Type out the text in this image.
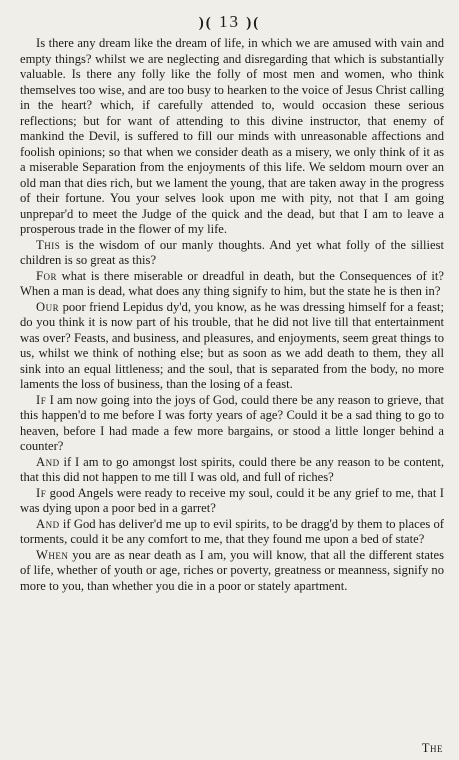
)( 13 )(

Is there any dream like the dream of life, in which we are amused with vain and empty things? whilst we are neglecting and disregarding that which is substantially valuable. Is there any folly like the folly of most men and women, who think themselves too wise, and are too busy to hearken to the voice of Jesus Christ calling in the heart? which, if carefully attended to, would occasion these serious reflections; but for want of attending to this divine instructor, that enemy of mankind the Devil, is suffered to fill our minds with unreasonable affections and foolish opinions; so that when we consider death as a misery, we only think of it as a miserable Separation from the enjoyments of this life. We seldom mourn over an old man that dies rich, but we lament the young, that are taken away in the progress of their fortune. You your selves look upon me with pity, not that I am going unprepar'd to meet the Judge of the quick and the dead, but that I am to leave a prosperous trade in the flower of my life.

This is the wisdom of our manly thoughts. And yet what folly of the silliest children is so great as this?

For what is there miserable or dreadful in death, but the Consequences of it? When a man is dead, what does any thing signify to him, but the state he is then in?

Our poor friend Lepidus dy'd, you know, as he was dressing himself for a feast; do you think it is now part of his trouble, that he did not live till that entertainment was over? Feasts, and business, and pleasures, and enjoyments, seem great things to us, whilst we think of nothing else; but as soon as we add death to them, they all sink into an equal littleness; and the soul, that is separated from the body, no more laments the loss of business, than the losing of a feast.

If I am now going into the joys of God, could there be any reason to grieve, that this happen'd to me before I was forty years of age? Could it be a sad thing to go to heaven, before I had made a few more bargains, or stood a little longer behind a counter?

And if I am to go amongst lost spirits, could there be any reason to be content, that this did not happen to me till I was old, and full of riches?

If good Angels were ready to receive my soul, could it be any grief to me, that I was dying upon a poor bed in a garret?

And if God has deliver'd me up to evil spirits, to be dragg'd by them to places of torments, could it be any comfort to me, that they found me upon a bed of state?

When you are as near death as I am, you will know, that all the different states of life, whether of youth or age, riches or poverty, greatness or meanness, signify no more to you, than whether you die in a poor or stately apartment.

The
